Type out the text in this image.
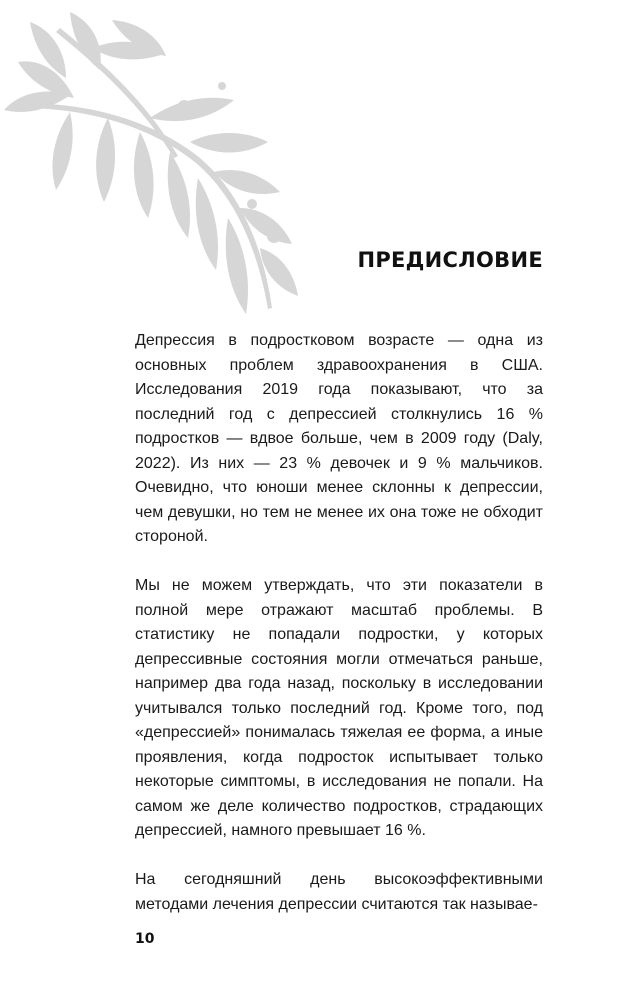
ПРЕДИСЛОВИЕ

Депрессия в подростковом возрасте — одна из основных проблем здравоохранения в США. Исследования 2019 года показывают, что за последний год с депрессией столкнулись 16 % подростков — вдвое больше, чем в 2009 году (Daly, 2022). Из них — 23 % девочек и 9 % мальчиков. Очевидно, что юноши менее склонны к депрессии, чем девушки, но тем не менее их она тоже не обходит стороной.

Мы не можем утверждать, что эти показатели в полной мере отражают масштаб проблемы. В статистику не попадали подростки, у которых депрессивные состояния могли отмечаться раньше, например два года назад, поскольку в исследовании учитывался только последний год. Кроме того, под «депрессией» понималась тяжелая ее форма, а иные проявления, когда подросток испытывает только некоторые симптомы, в исследования не попали. На самом же деле количество подростков, страдающих депрессией, намного превышает 16 %.

На сегодняшний день высокоэффективными методами лечения депрессии считаются так называе-

10
